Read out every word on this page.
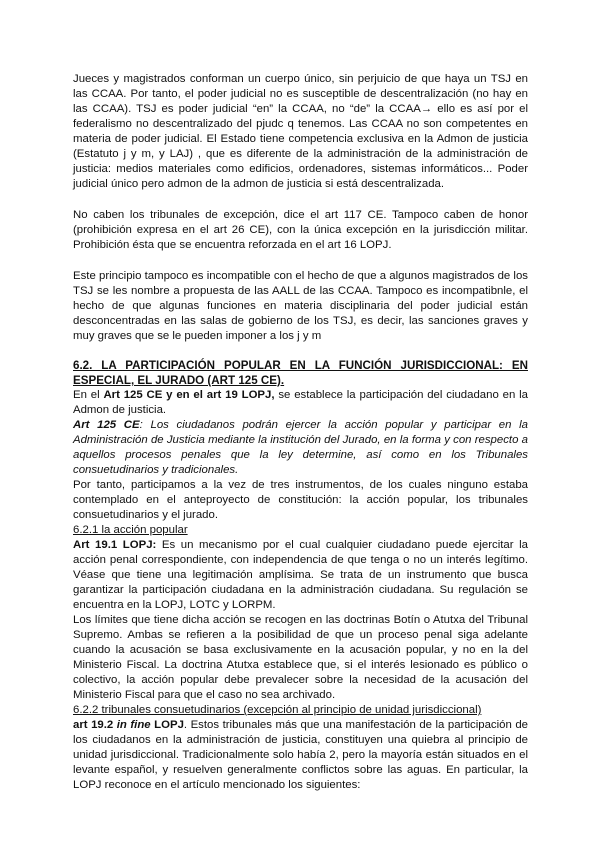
Jueces y magistrados conforman un cuerpo único, sin perjuicio de que haya un TSJ en las CCAA. Por tanto, el poder judicial no es susceptible de descentralización (no hay en las CCAA). TSJ es poder judicial “en” la CCAA, no “de” la CCAA→ ello es así por el federalismo no descentralizado del pjudc q tenemos. Las CCAA no son competentes en materia de poder judicial. El Estado tiene competencia exclusiva en la Admon de justicia (Estatuto j y m, y LAJ) , que es diferente de la administración de la administración de justicia: medios materiales como edificios, ordenadores, sistemas informáticos... Poder judicial único pero admon de la admon de justicia si está descentralizada.

No caben los tribunales de excepción, dice el art 117 CE. Tampoco caben de honor (prohibición expresa en el art 26 CE), con la única excepción en la jurisdicción militar. Prohibición ésta que se encuentra reforzada en el art 16 LOPJ.

Este principio tampoco es incompatible con el hecho de que a algunos magistrados de los TSJ se les nombre a propuesta de las AALL de las CCAA. Tampoco es incompatibnle, el hecho de que algunas funciones en materia disciplinaria del poder judicial están desconcentradas en las salas de gobierno de los TSJ, es decir, las sanciones graves y muy graves que se le pueden imponer a los j y m

6.2. LA PARTICIPACIÓN POPULAR EN LA FUNCIÓN JURISDICCIONAL: EN ESPECIAL, EL JURADO (ART 125 CE).

En el Art 125 CE y en el art 19 LOPJ, se establece la participación del ciudadano en la Admon de justicia.

Art 125 CE: Los ciudadanos podrán ejercer la acción popular y participar en la Administración de Justicia mediante la institución del Jurado, en la forma y con respecto a aquellos procesos penales que la ley determine, así como en los Tribunales consuetudinarios y tradicionales.

Por tanto, participamos a la vez de tres instrumentos, de los cuales ninguno estaba contemplado en el anteproyecto de constitución: la acción popular, los tribunales consuetudinarios y el jurado.

6.2.1 la acción popular

Art 19.1 LOPJ: Es un mecanismo por el cual cualquier ciudadano puede ejercitar la acción penal correspondiente, con independencia de que tenga o no un interés legítimo. Véase que tiene una legitimación amplísima. Se trata de un instrumento que busca garantizar la participación ciudadana en la administración ciudadana. Su regulación se encuentra en la LOPJ, LOTC y LORPM.

Los límites que tiene dicha acción se recogen en las doctrinas Botín o Atutxa del Tribunal Supremo. Ambas se refieren a la posibilidad de que un proceso penal siga adelante cuando la acusación se basa exclusivamente en la acusación popular, y no en la del Ministerio Fiscal. La doctrina Atutxa establece que, si el interés lesionado es público o colectivo, la acción popular debe prevalecer sobre la necesidad de la acusación del Ministerio Fiscal para que el caso no sea archivado.

6.2.2 tribunales consuetudinarios (excepción al principio de unidad jurisdiccional)

art 19.2 in fine LOPJ. Estos tribunales más que una manifestación de la participación de los ciudadanos en la administración de justicia, constituyen una quiebra al principio de unidad jurisdiccional. Tradicionalmente solo había 2, pero la mayoría están situados en el levante español, y resuelven generalmente conflictos sobre las aguas. En particular, la LOPJ reconoce en el artículo mencionado los siguientes:
